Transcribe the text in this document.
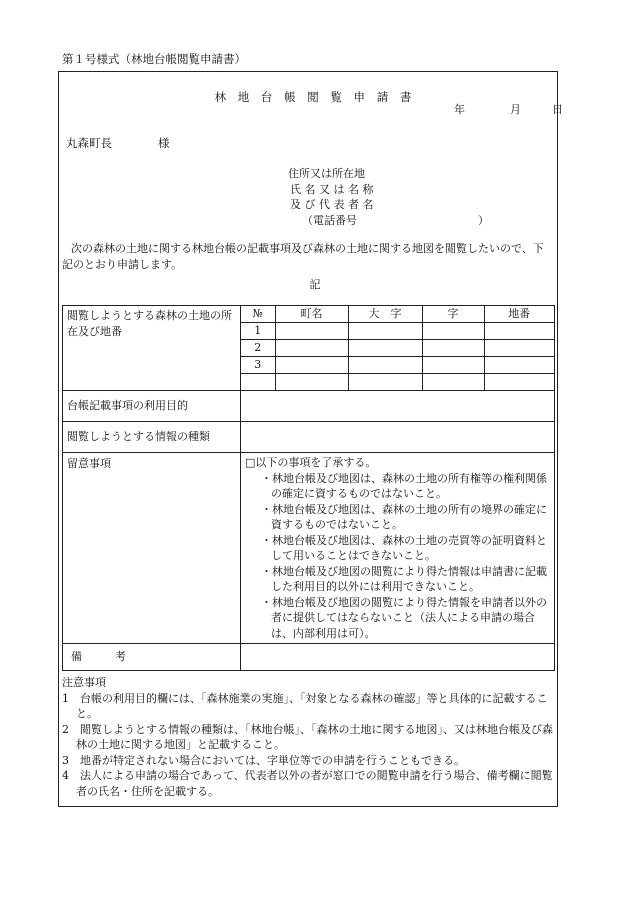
第１号様式（林地台帳閲覧申請書）
林 地 台 帳 閲 覧 申 請 書
年	月	日
丸森町長	様
住所又は所在地
氏 名 又 は 名 称
及 び 代 表 者 名
（電話番号　　　　　　　　　　　）
次の森林の土地に関する林地台帳の記載事項及び森林の土地に関する地図を閲覧したいので、下記のとおり申請します。
記
閲覧しようとする森林の土地の所在及び地番	
№	町名	大　字	字	地番
1				
2				
3				

台帳記載事項の利用目的	
閲覧しようとする情報の種類	
留意事項	□以下の事項を了承する。
・林地台帳及び地図は、森林の土地の所有権等の権利関係の確定に資するものではないこと。
・林地台帳及び地図は、森林の土地の所有の境界の確定に資するものではないこと。
・林地台帳及び地図は、森林の土地の売買等の証明資料として用いることはできないこと。
・林地台帳及び地図の閲覧により得た情報は申請書に記載した利用目的以外には利用できないこと。
・林地台帳及び地図の閲覧により得た情報を申請者以外の者に提供してはならないこと（法人による申請の場合は、内部利用は可）。

備　　　考	
注意事項
1　台帳の利用目的欄には、「森林施業の実施」、「対象となる森林の確認」等と具体的に記載すること。
2　閲覧しようとする情報の種類は、「林地台帳」、「森林の土地に関する地図」、又は林地台帳及び森林の土地に関する地図」と記載すること。
3　地番が特定されない場合においては、字単位等での申請を行うこともできる。
4　法人による申請の場合であって、代表者以外の者が窓口での閲覧申請を行う場合、備考欄に閲覧者の氏名・住所を記載する。
